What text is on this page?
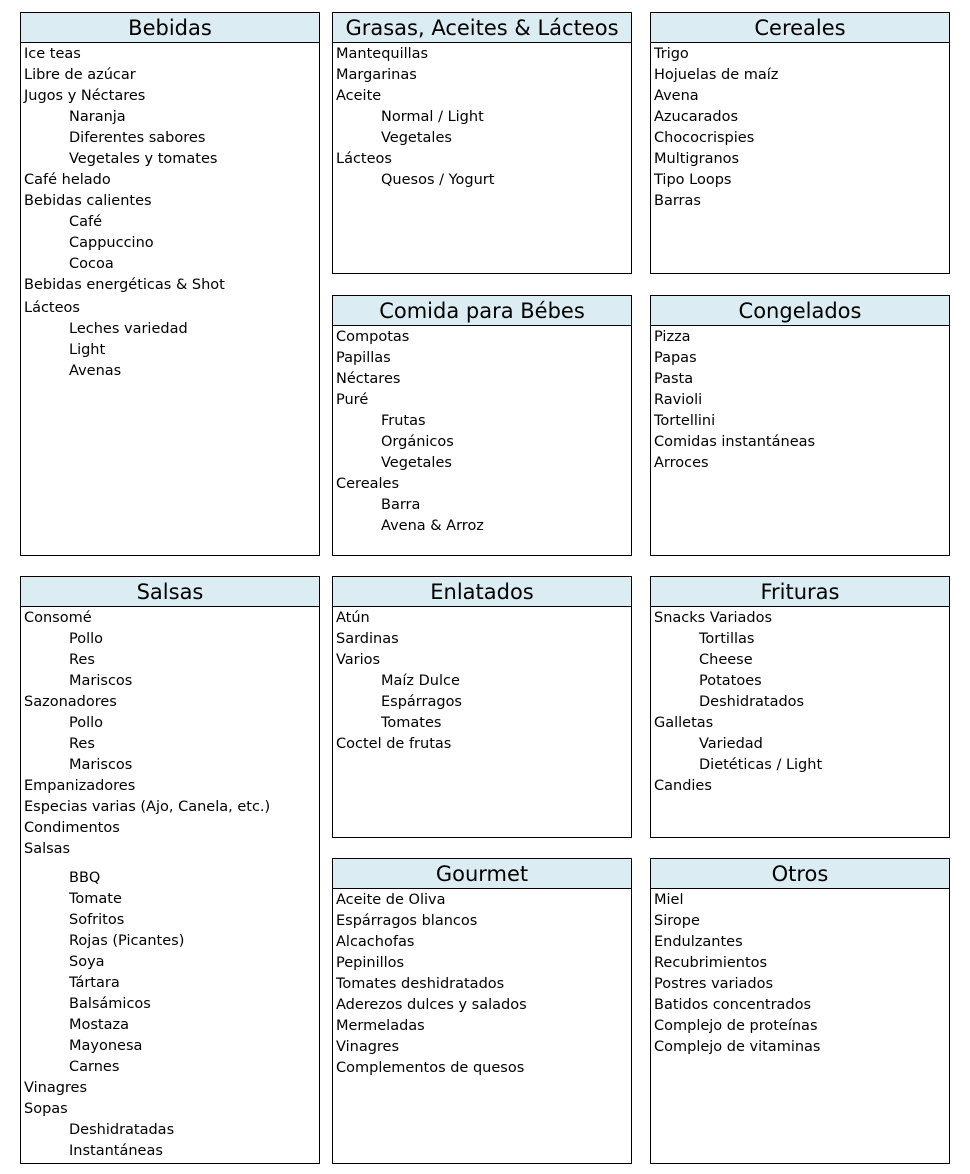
Bebidas
Ice teas
Libre de azúcar
Jugos y Néctares
Naranja
Diferentes sabores
Vegetales y tomates
Café helado
Bebidas calientes
Café
Cappuccino
Cocoa
Bebidas energéticas & Shot
Lácteos
Leches variedad
Light
Avenas
Grasas, Aceites & Lácteos
Mantequillas
Margarinas
Aceite
Normal / Light
Vegetales
Lácteos
Quesos / Yogurt
Cereales
Trigo
Hojuelas de maíz
Avena
Azucarados
Chococrispies
Multigranos
Tipo Loops
Barras
Comida para Bébes
Compotas
Papillas
Néctares
Puré
Frutas
Orgánicos
Vegetales
Cereales
Barra
Avena & Arroz
Congelados
Pizza
Papas
Pasta
Ravioli
Tortellini
Comidas instantáneas
Arroces
Salsas
Consomé
Pollo
Res
Mariscos
Sazonadores
Pollo
Res
Mariscos
Empanizadores
Especias varias (Ajo, Canela, etc.)
Condimentos
Salsas
BBQ
Tomate
Sofritos
Rojas (Picantes)
Soya
Tártara
Balsámicos
Mostaza
Mayonesa
Carnes
Vinagres
Sopas
Deshidratadas
Instantáneas
Enlatados
Atún
Sardinas
Varios
Maíz Dulce
Espárragos
Tomates
Coctel de frutas
Frituras
Snacks Variados
Tortillas
Cheese
Potatoes
Deshidratados
Galletas
Variedad
Dietéticas / Light
Candies
Gourmet
Aceite de Oliva
Espárragos blancos
Alcachofas
Pepinillos
Tomates deshidratados
Aderezos dulces y salados
Mermeladas
Vinagres
Complementos de quesos
Otros
Miel
Sirope
Endulzantes
Recubrimientos
Postres variados
Batidos concentrados
Complejo de proteínas
Complejo de vitaminas
